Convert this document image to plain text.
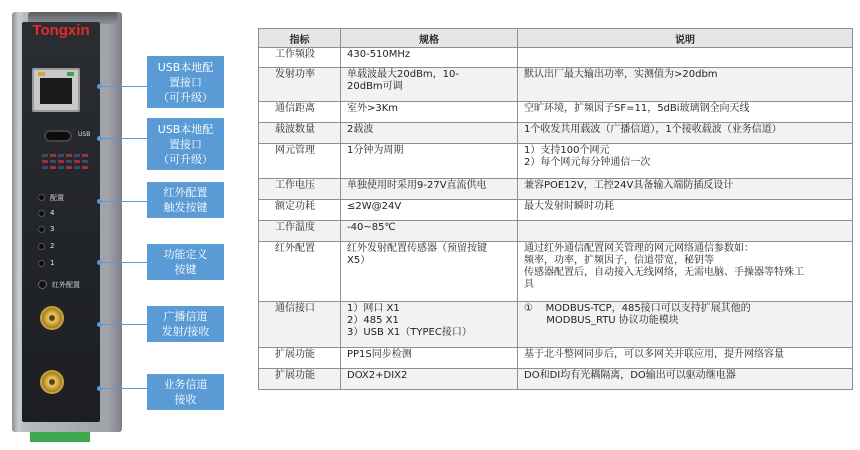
Tongxin
USB
配置
4
3
2
1
红外配置
USB本地配
置接口
（可升级）
USB本地配
置接口
（可升级）
红外配置
触发按键
功能定义
按键
广播信道
发射/接收
业务信道
接收
指标	规格	说明
工作频段	430-510MHz	

发射功率	单载波最大20dBm，10-
20dBm可调	默认出厂最大输出功率，实测值为>20dbm

通信距离	室外>3Km	空旷环境，扩频因子SF=11，5dBi玻璃钢全向天线

载波数量	2载波	1个收发共用载波（广播信道），1个接收载波（业务信道）

网元管理	1分钟为周期	1）支持100个网元
2）每个网元每分钟通信一次

工作电压	单独使用时采用9-27V直流供电	兼容POE12V，工控24V具备输入端防插反设计

额定功耗	≤2W@24V	最大发射时瞬时功耗

工作温度	-40~85℃	

红外配置	红外发射配置传感器（预留按键
X5）	通过红外通信配置网关管理的网元网络通信参数如：
频率，功率，扩频因子，信道带宽，秘钥等
传感器配置后，自动接入无线网络，无需电脑、手操器等特殊工
具

通信接口	1）网口 X1
2）485 X1
3）USB X1（TYPEC接口）	①    MODBUS-TCP，485接口可以支持扩展其他的
MODBUS_RTU 协议功能模块

扩展功能	PP1S同步检测	基于北斗整网同步后，可以多网关并联应用，提升网络容量

扩展功能	DOX2+DIX2	DO和DI均有光耦隔离，DO输出可以驱动继电器
